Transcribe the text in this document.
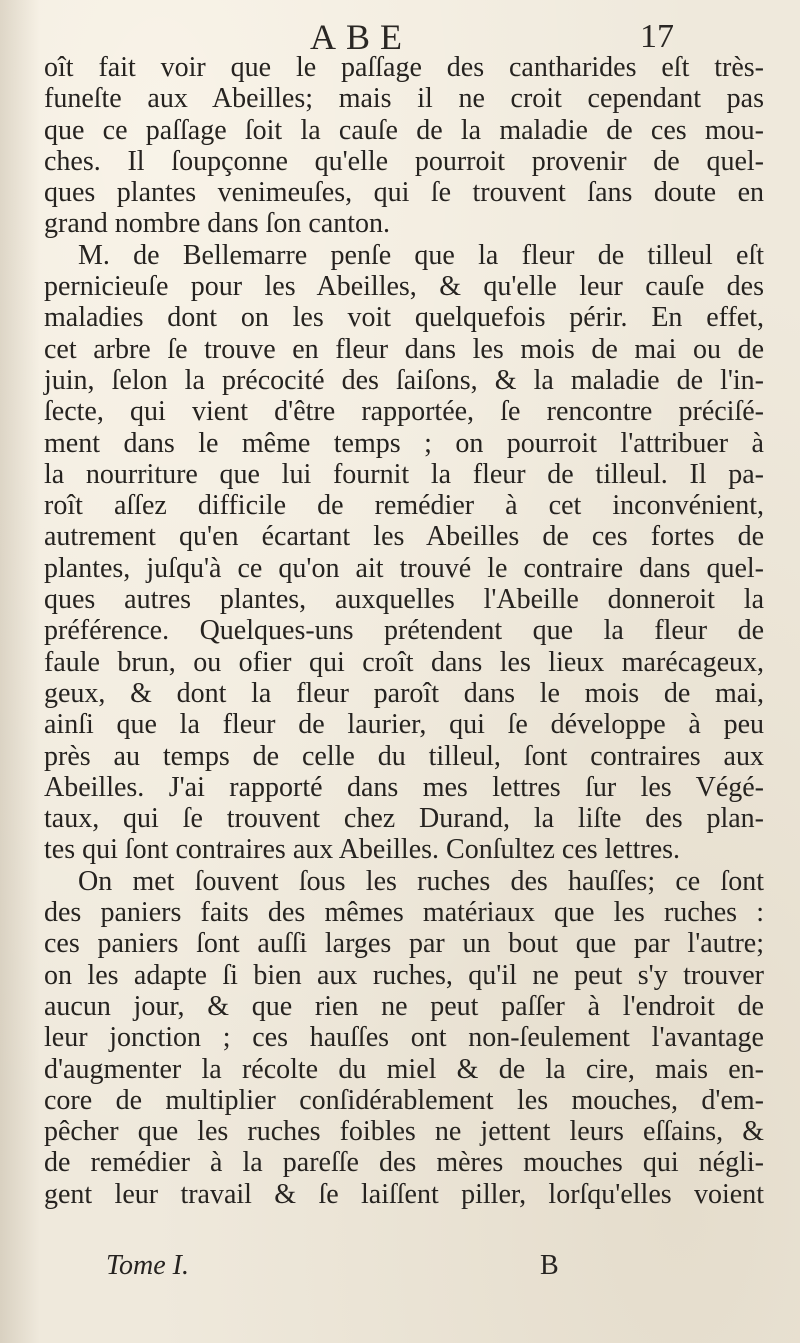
ABE	17
oît fait voir que le paſſage des cantharides eſt très-
funeſte aux Abeilles; mais il ne croit cependant pas
que ce paſſage ſoit la cauſe de la maladie de ces mou-
ches. Il ſoupçonne qu'elle pourroit provenir de quel-
ques plantes venimeuſes, qui ſe trouvent ſans doute en
grand nombre dans ſon canton.
M. de Bellemarre penſe que la fleur de tilleul eſt
pernicieuſe pour les Abeilles, & qu'elle leur cauſe des
maladies dont on les voit quelquefois périr. En effet,
cet arbre ſe trouve en fleur dans les mois de mai ou de
juin, ſelon la précocité des ſaiſons, & la maladie de l'in-
ſecte, qui vient d'être rapportée, ſe rencontre préciſé-
ment dans le même temps ; on pourroit l'attribuer à
la nourriture que lui fournit la fleur de tilleul. Il pa-
roît aſſez difficile de remédier à cet inconvénient,
autrement qu'en écartant les Abeilles de ces fortes de
plantes, juſqu'à ce qu'on ait trouvé le contraire dans quel-
ques autres plantes, auxquelles l'Abeille donneroit la
préférence. Quelques-uns prétendent que la fleur de
faule brun, ou ofier qui croît dans les lieux marécageux,
geux, & dont la fleur paroît dans le mois de mai,
ainſi que la fleur de laurier, qui ſe développe à peu
près au temps de celle du tilleul, ſont contraires aux
Abeilles. J'ai rapporté dans mes lettres ſur les Végé-
taux, qui ſe trouvent chez Durand, la liſte des plan-
tes qui ſont contraires aux Abeilles. Conſultez ces lettres.
On met ſouvent ſous les ruches des hauſſes; ce ſont
des paniers faits des mêmes matériaux que les ruches :
ces paniers ſont auſſi larges par un bout que par l'autre;
on les adapte ſi bien aux ruches, qu'il ne peut s'y trouver
aucun jour, & que rien ne peut paſſer à l'endroit de
leur jonction ; ces hauſſes ont non-ſeulement l'avantage
d'augmenter la récolte du miel & de la cire, mais en-
core de multiplier conſidérablement les mouches, d'em-
pêcher que les ruches foibles ne jettent leurs eſſains, &
de remédier à la pareſſe des mères mouches qui négli-
gent leur travail & ſe laiſſent piller, lorſqu'elles voient
Tome I.	B
